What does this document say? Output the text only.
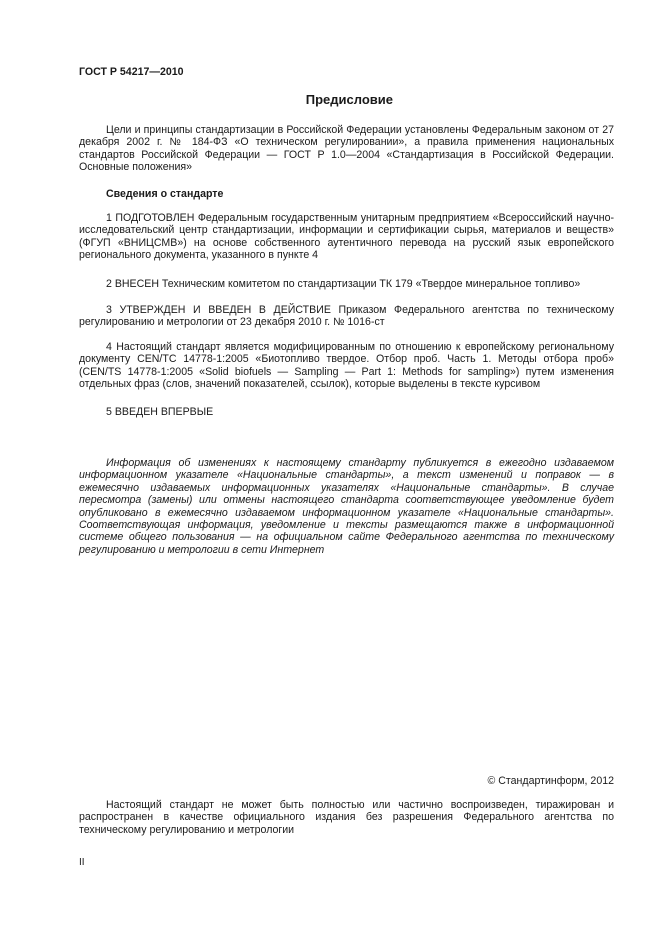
ГОСТ Р 54217—2010
Предисловие
Цели и принципы стандартизации в Российской Федерации установлены Федеральным законом от 27 декабря 2002 г. № 184-ФЗ «О техническом регулировании», а правила применения национальных стандартов Российской Федерации — ГОСТ Р 1.0—2004 «Стандартизация в Российской Федерации. Основные положения»
Сведения о стандарте
1 ПОДГОТОВЛЕН Федеральным государственным унитарным предприятием «Всероссийский научно-исследовательский центр стандартизации, информации и сертификации сырья, материалов и веществ» (ФГУП «ВНИЦСМВ») на основе собственного аутентичного перевода на русский язык европейского регионального документа, указанного в пункте 4
2 ВНЕСЕН Техническим комитетом по стандартизации ТК 179 «Твердое минеральное топливо»
3 УТВЕРЖДЕН И ВВЕДЕН В ДЕЙСТВИЕ Приказом Федерального агентства по техническому регулированию и метрологии от 23 декабря 2010 г. № 1016-ст
4 Настоящий стандарт является модифицированным по отношению к европейскому региональному документу CEN/TC 14778-1:2005 «Биотопливо твердое. Отбор проб. Часть 1. Методы отбора проб» (CEN/TS 14778-1:2005 «Solid biofuels — Sampling — Part 1: Methods for sampling») путем изменения отдельных фраз (слов, значений показателей, ссылок), которые выделены в тексте курсивом
5 ВВЕДЕН ВПЕРВЫЕ
Информация об изменениях к настоящему стандарту публикуется в ежегодно издаваемом информационном указателе «Национальные стандарты», а текст изменений и поправок — в ежемесячно издаваемых информационных указателях «Национальные стандарты». В случае пересмотра (замены) или отмены настоящего стандарта соответствующее уведомление будет опубликовано в ежемесячно издаваемом информационном указателе «Национальные стандарты». Соответствующая информация, уведомление и тексты размещаются также в информационной системе общего пользования — на официальном сайте Федерального агентства по техническому регулированию и метрологии в сети Интернет
© Стандартинформ, 2012
Настоящий стандарт не может быть полностью или частично воспроизведен, тиражирован и распространен в качестве официального издания без разрешения Федерального агентства по техническому регулированию и метрологии
II
